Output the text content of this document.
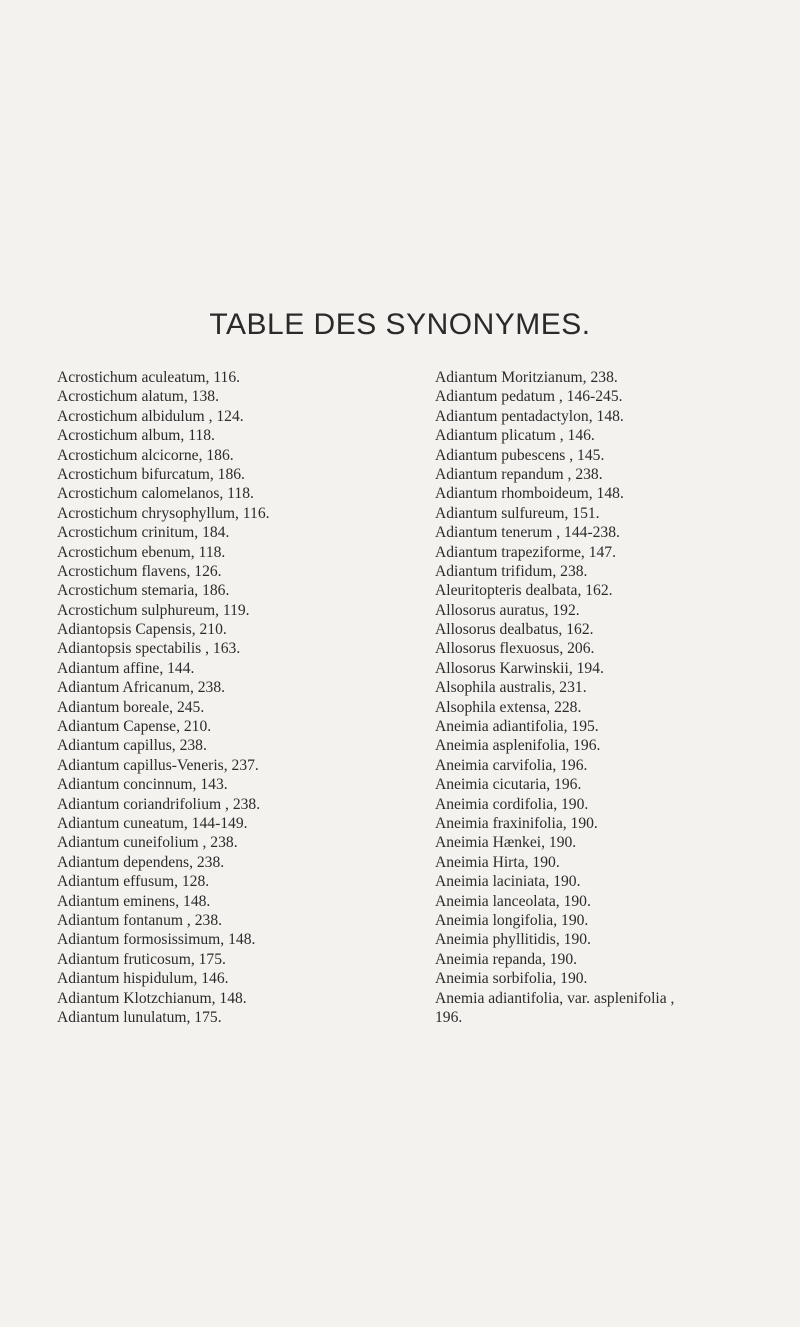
TABLE DES SYNONYMES.
Acrostichum aculeatum, 116.
Acrostichum alatum, 138.
Acrostichum albidulum , 124.
Acrostichum album, 118.
Acrostichum alcicorne, 186.
Acrostichum bifurcatum, 186.
Acrostichum calomelanos, 118.
Acrostichum chrysophyllum, 116.
Acrostichum crinitum, 184.
Acrostichum ebenum, 118.
Acrostichum flavens, 126.
Acrostichum stemaria, 186.
Acrostichum sulphureum, 119.
Adiantopsis Capensis, 210.
Adiantopsis spectabilis , 163.
Adiantum affine, 144.
Adiantum Africanum, 238.
Adiantum boreale, 245.
Adiantum Capense, 210.
Adiantum capillus, 238.
Adiantum capillus-Veneris, 237.
Adiantum concinnum, 143.
Adiantum coriandrifolium , 238.
Adiantum cuneatum, 144-149.
Adiantum cuneifolium , 238.
Adiantum dependens, 238.
Adiantum effusum, 128.
Adiantum eminens, 148.
Adiantum fontanum , 238.
Adiantum formosissimum, 148.
Adiantum fruticosum, 175.
Adiantum hispidulum, 146.
Adiantum Klotzchianum, 148.
Adiantum lunulatum, 175.
Adiantum Moritzianum, 238.
Adiantum pedatum , 146-245.
Adiantum pentadactylon, 148.
Adiantum plicatum , 146.
Adiantum pubescens , 145.
Adiantum repandum , 238.
Adiantum rhomboideum, 148.
Adiantum sulfureum, 151.
Adiantum tenerum , 144-238.
Adiantum trapeziforme, 147.
Adiantum trifidum, 238.
Aleuritopteris dealbata, 162.
Allosorus auratus, 192.
Allosorus dealbatus, 162.
Allosorus flexuosus, 206.
Allosorus Karwinskii, 194.
Alsophila australis, 231.
Alsophila extensa, 228.
Aneimia adiantifolia, 195.
Aneimia asplenifolia, 196.
Aneimia carvifolia, 196.
Aneimia cicutaria, 196.
Aneimia cordifolia, 190.
Aneimia fraxinifolia, 190.
Aneimia Hænkei, 190.
Aneimia Hirta, 190.
Aneimia laciniata, 190.
Aneimia lanceolata, 190.
Aneimia longifolia, 190.
Aneimia phyllitidis, 190.
Aneimia repanda, 190.
Aneimia sorbifolia, 190.
Anemia adiantifolia, var. asplenifolia ,
196.
